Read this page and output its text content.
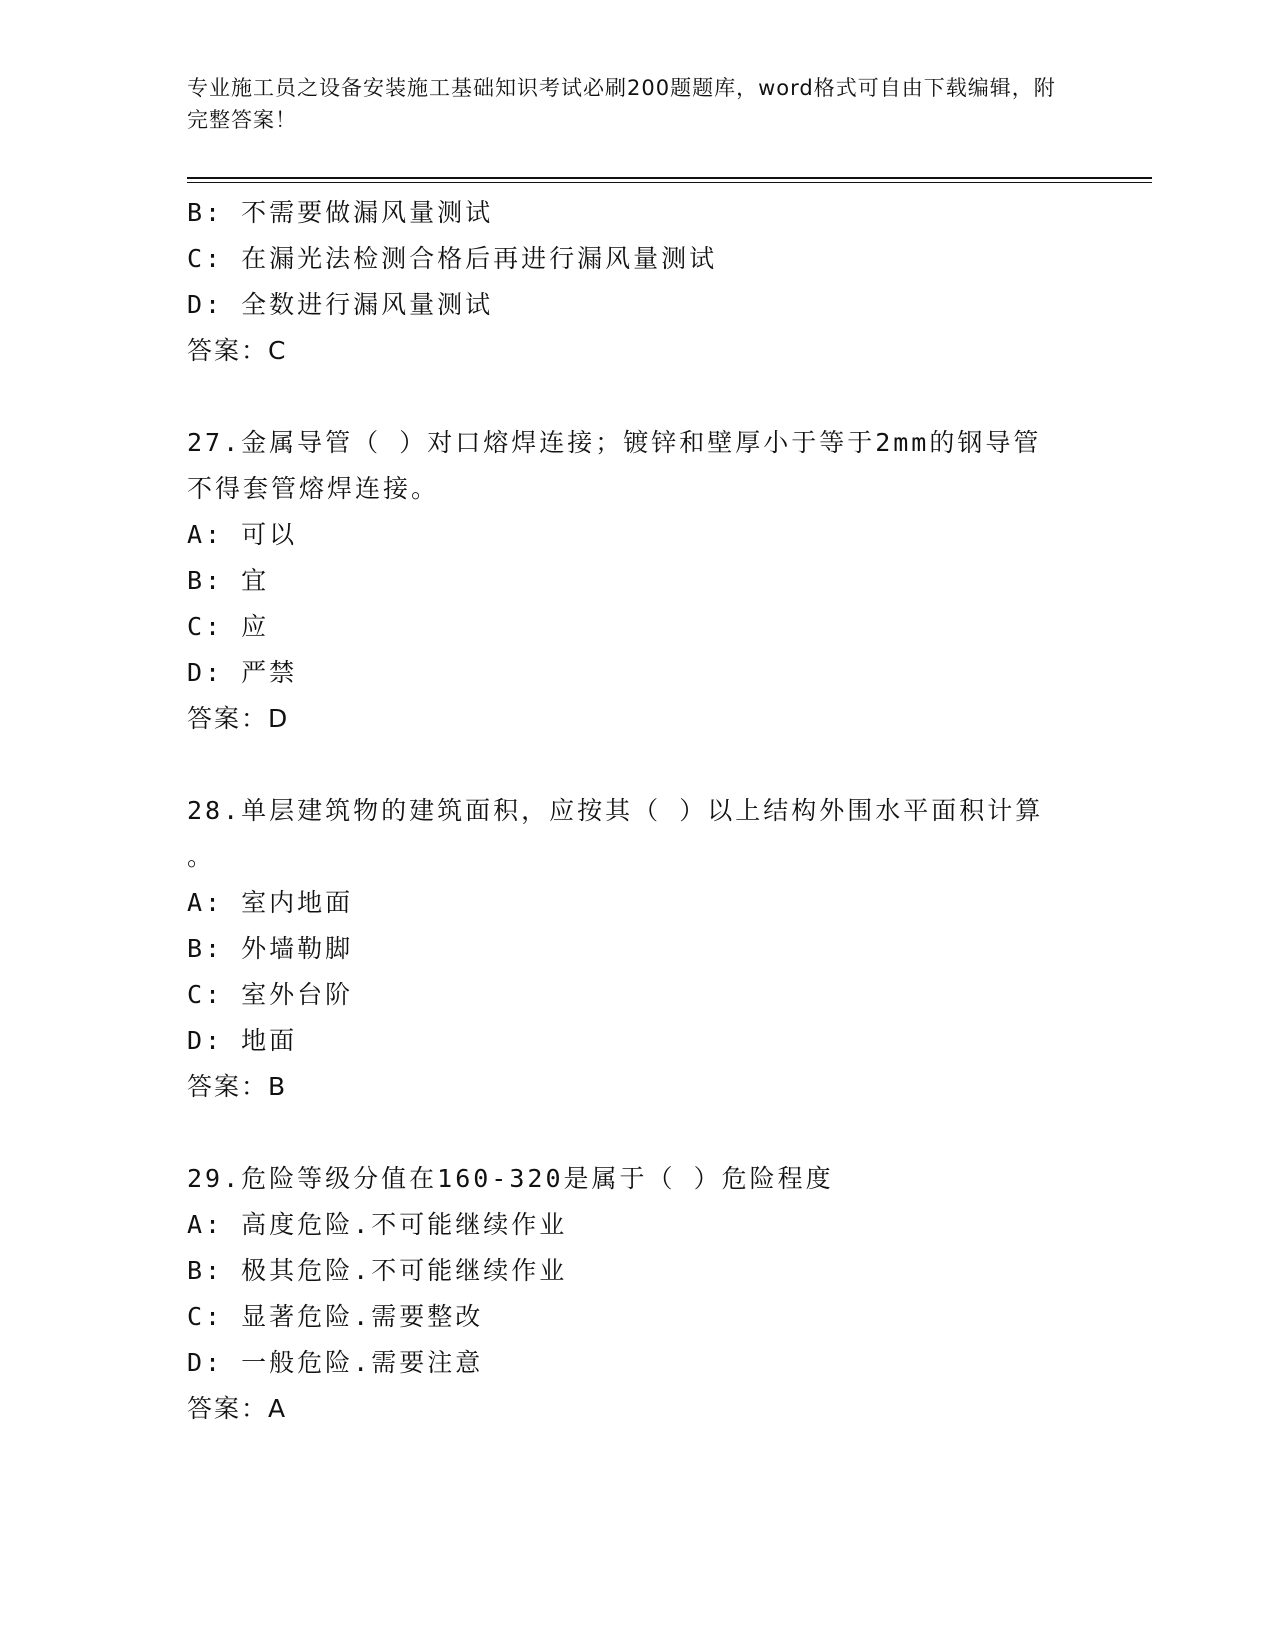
专业施工员之设备安装施工基础知识考试必刷200题题库，word格式可自由下载编辑，附完整答案！
B: 不需要做漏风量测试
C: 在漏光法检测合格后再进行漏风量测试
D: 全数进行漏风量测试
答案：C
27.金属导管（ ）对口熔焊连接；镀锌和壁厚小于等于2mm的钢导管
不得套管熔焊连接。
A: 可以
B: 宜
C: 应
D: 严禁
答案：D
28.单层建筑物的建筑面积，应按其（ ）以上结构外围水平面积计算
。
A: 室内地面
B: 外墙勒脚
C: 室外台阶
D: 地面
答案：B
29.危险等级分值在160-320是属于（ ）危险程度
A: 高度危险.不可能继续作业
B: 极其危险.不可能继续作业
C: 显著危险.需要整改
D: 一般危险.需要注意
答案：A
